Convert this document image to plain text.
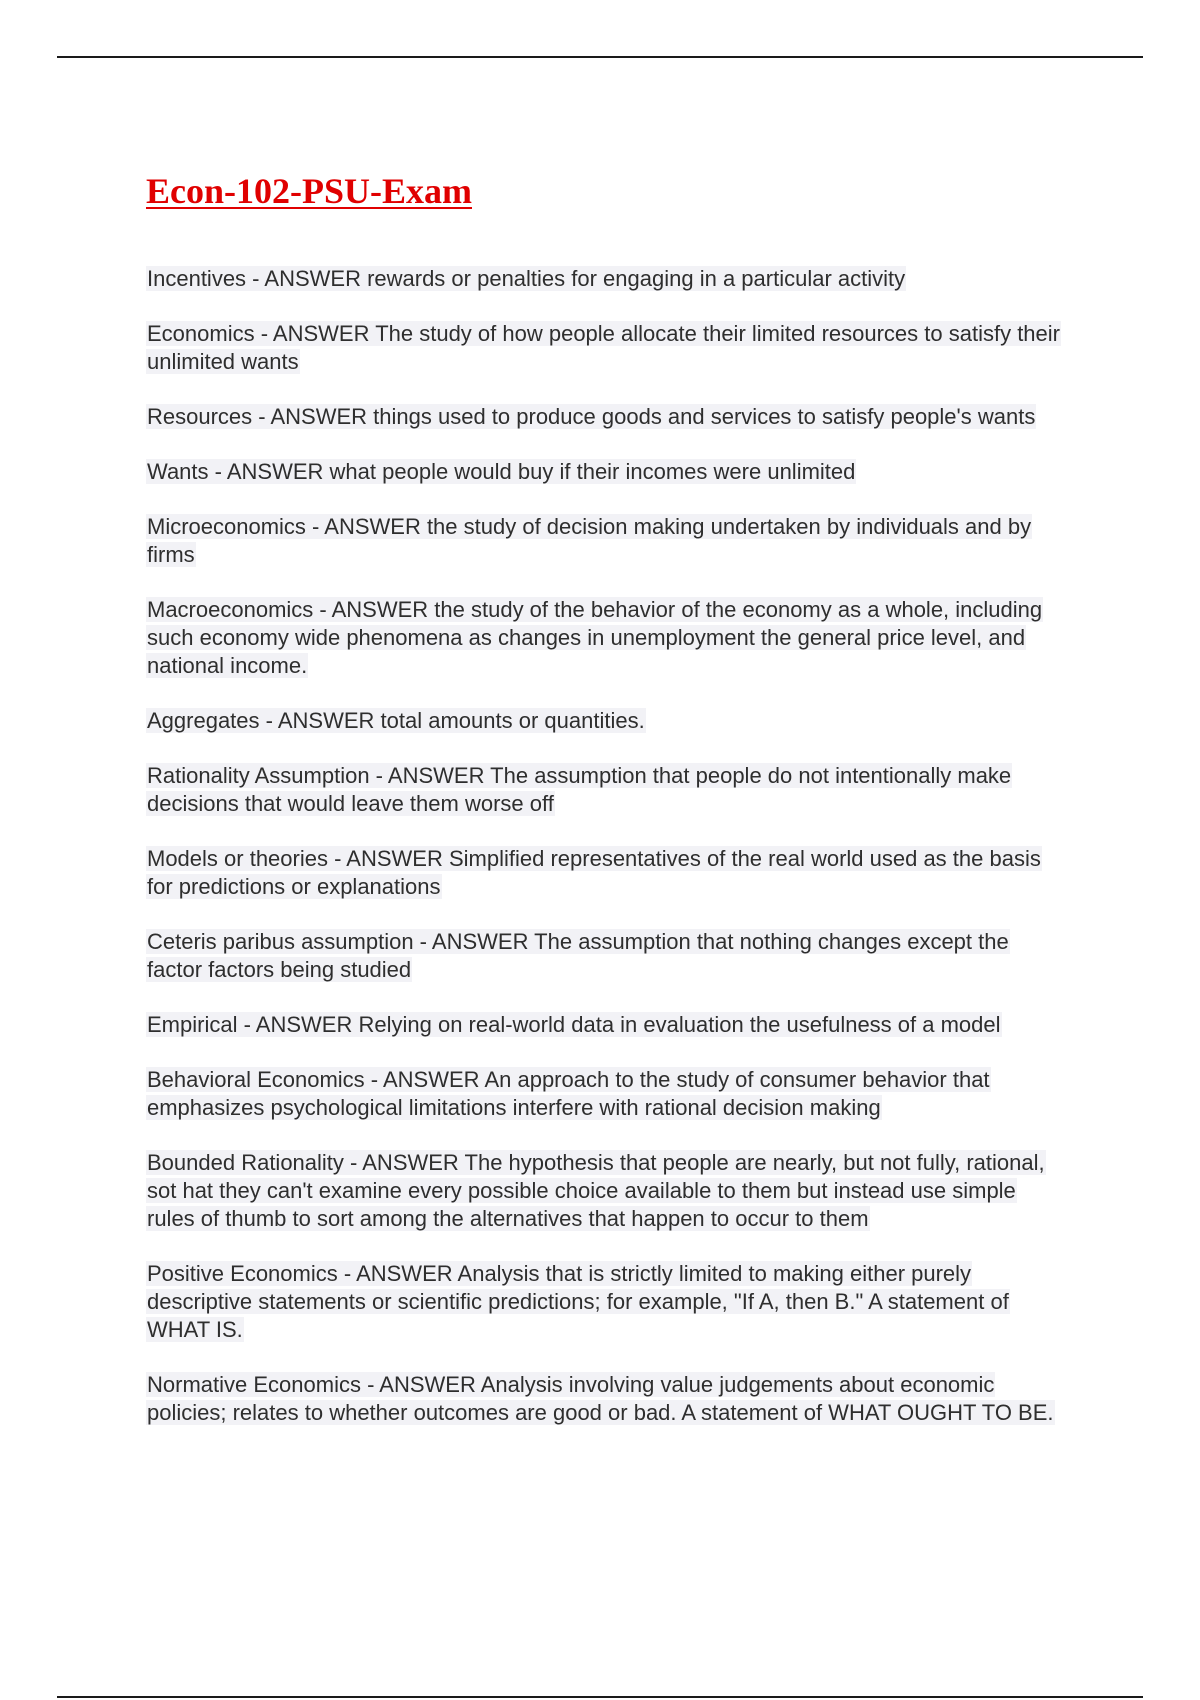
Econ-102-PSU-Exam
Incentives - ANSWER rewards or penalties for engaging in a particular activity
Economics - ANSWER The study of how people allocate their limited resources to satisfy their unlimited wants
Resources - ANSWER things used to produce goods and services to satisfy people's wants
Wants - ANSWER what people would buy if their incomes were unlimited
Microeconomics - ANSWER the study of decision making undertaken by individuals and by firms
Macroeconomics - ANSWER the study of the behavior of the economy as a whole, including such economy wide phenomena as changes in unemployment the general price level, and national income.
Aggregates - ANSWER total amounts or quantities.
Rationality Assumption - ANSWER The assumption that people do not intentionally make decisions that would leave them worse off
Models or theories - ANSWER Simplified representatives of the real world used as the basis for predictions or explanations
Ceteris paribus assumption - ANSWER The assumption that nothing changes except the factor factors being studied
Empirical - ANSWER Relying on real-world data in evaluation the usefulness of a model
Behavioral Economics - ANSWER An approach to the study of consumer behavior that emphasizes psychological limitations interfere with rational decision making
Bounded Rationality - ANSWER The hypothesis that people are nearly, but not fully, rational, sot hat they can't examine every possible choice available to them but instead use simple rules of thumb to sort among the alternatives that happen to occur to them
Positive Economics - ANSWER Analysis that is strictly limited to making either purely descriptive statements or scientific predictions; for example, "If A, then B." A statement of WHAT IS.
Normative Economics - ANSWER Analysis involving value judgements about economic policies; relates to whether outcomes are good or bad. A statement of WHAT OUGHT TO BE.
